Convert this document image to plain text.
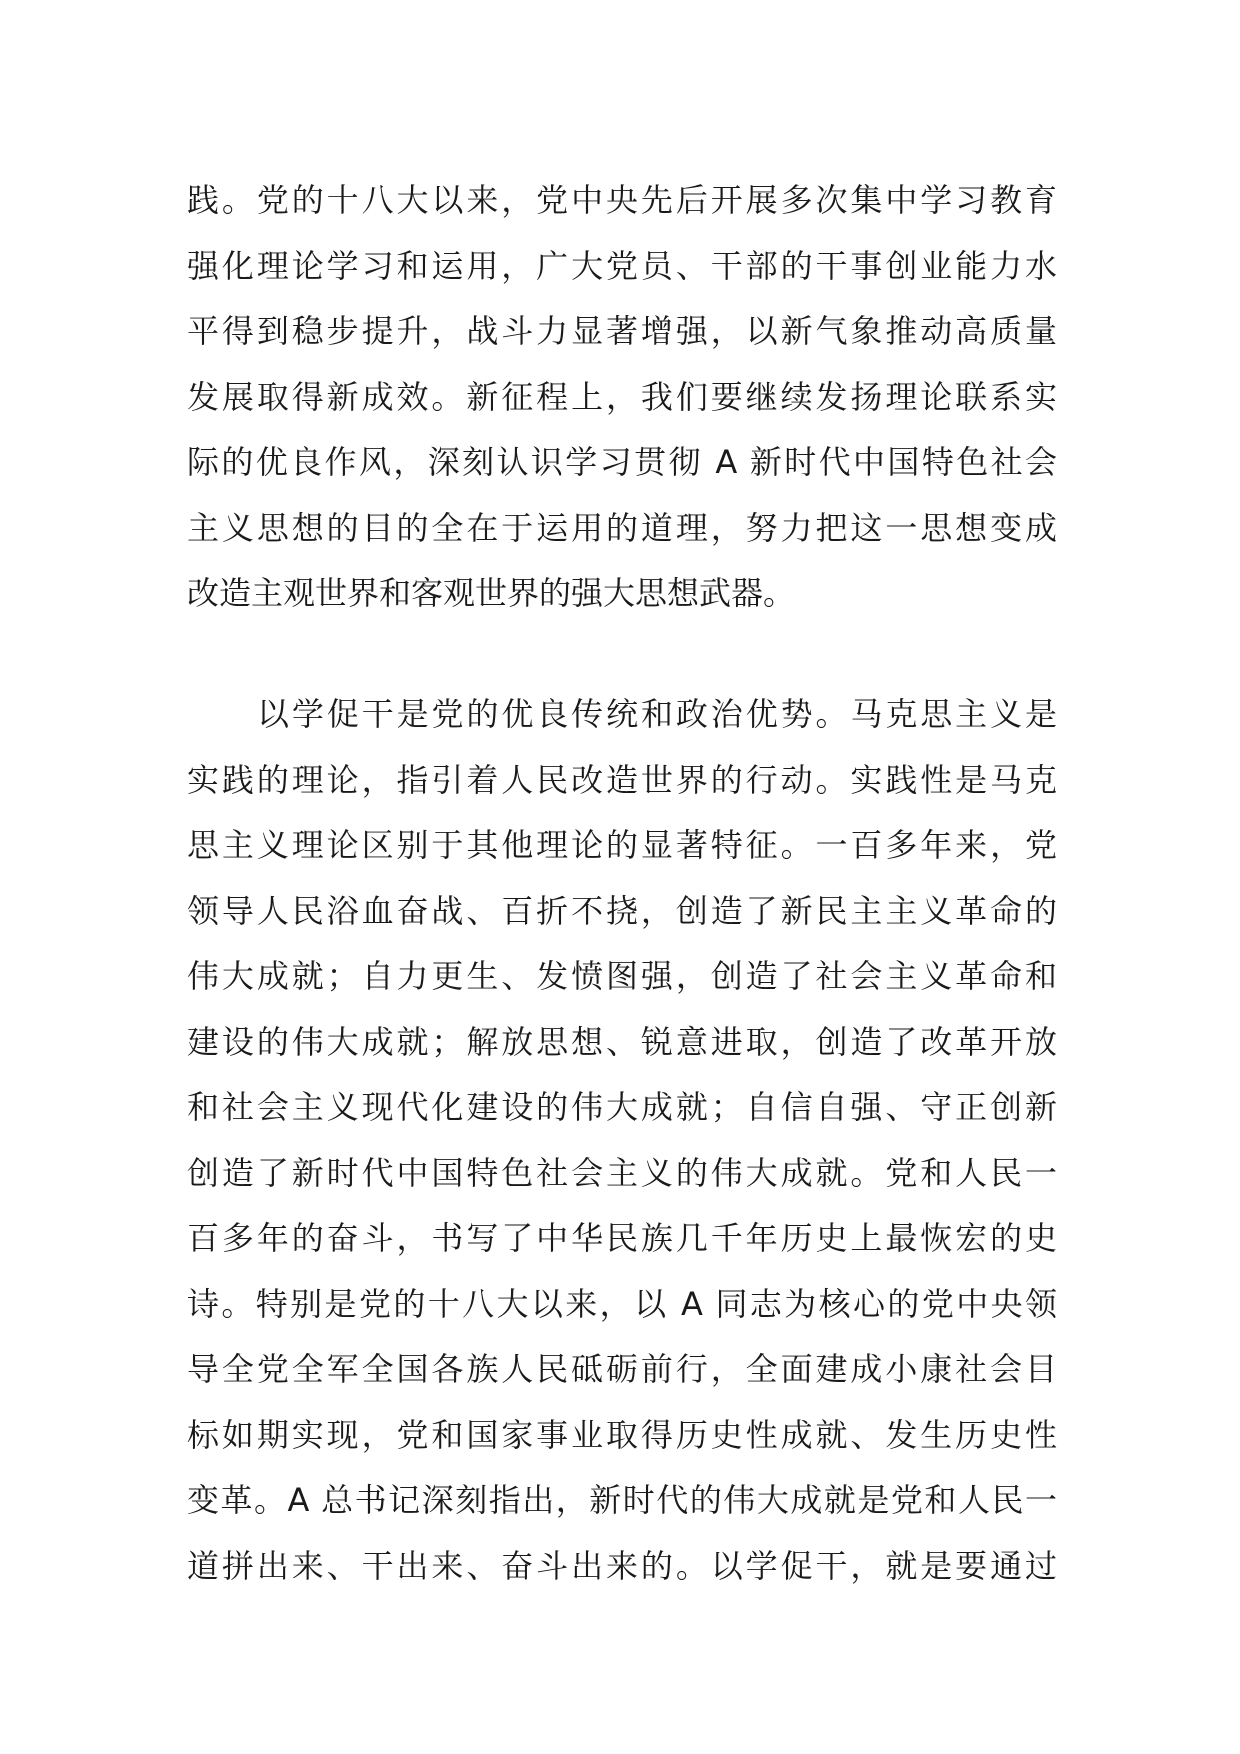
践。党的十八大以来，党中央先后开展多次集中学习教育
强化理论学习和运用，广大党员、干部的干事创业能力水
平得到稳步提升，战斗力显著增强，以新气象推动高质量
发展取得新成效。新征程上，我们要继续发扬理论联系实
际的优良作风，深刻认识学习贯彻 A 新时代中国特色社会
主义思想的目的全在于运用的道理，努力把这一思想变成
改造主观世界和客观世界的强大思想武器。
以学促干是党的优良传统和政治优势。马克思主义是
实践的理论，指引着人民改造世界的行动。实践性是马克
思主义理论区别于其他理论的显著特征。一百多年来，党
领导人民浴血奋战、百折不挠，创造了新民主主义革命的
伟大成就；自力更生、发愤图强，创造了社会主义革命和
建设的伟大成就；解放思想、锐意进取，创造了改革开放
和社会主义现代化建设的伟大成就；自信自强、守正创新
创造了新时代中国特色社会主义的伟大成就。党和人民一
百多年的奋斗，书写了中华民族几千年历史上最恢宏的史
诗。特别是党的十八大以来，以 A 同志为核心的党中央领
导全党全军全国各族人民砥砺前行，全面建成小康社会目
标如期实现，党和国家事业取得历史性成就、发生历史性
变革。A 总书记深刻指出，新时代的伟大成就是党和人民一
道拼出来、干出来、奋斗出来的。以学促干，就是要通过
